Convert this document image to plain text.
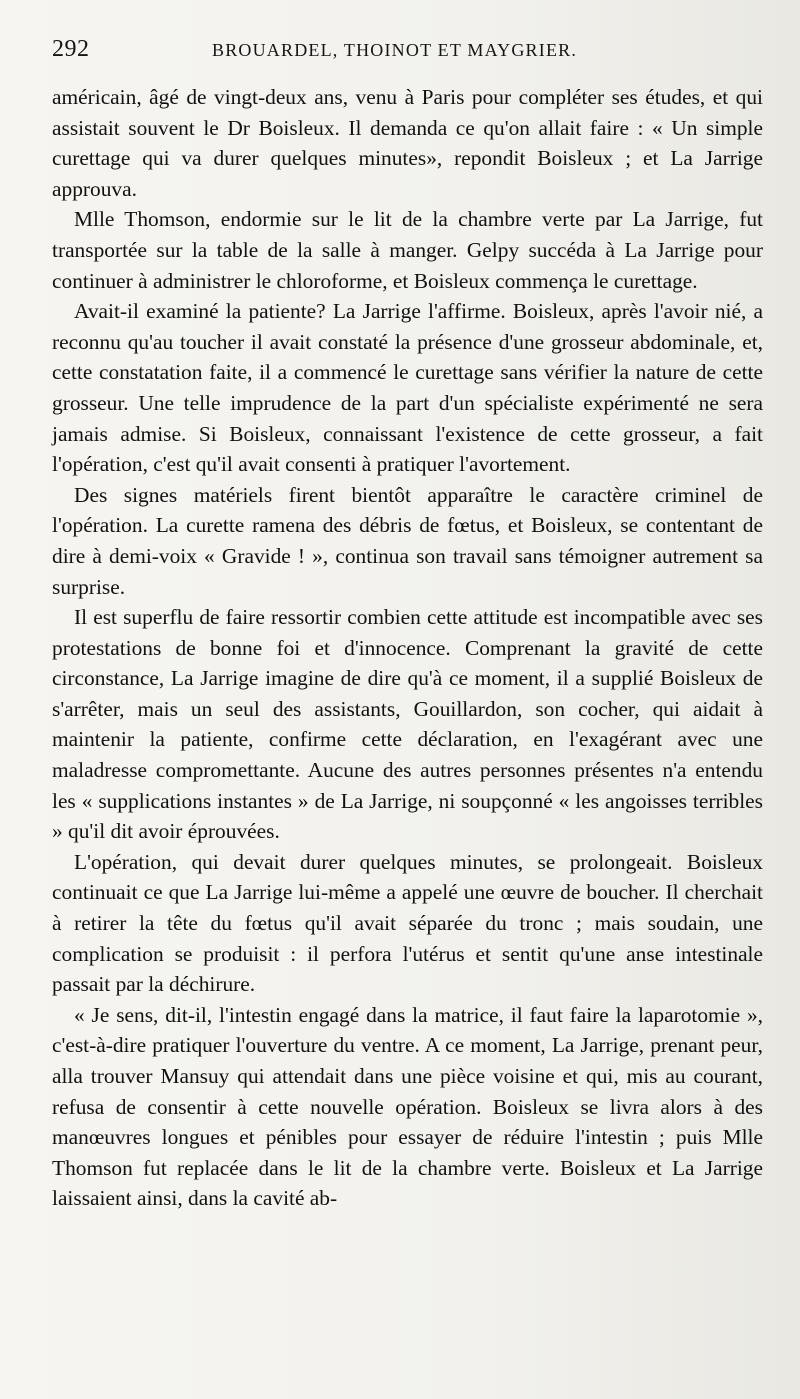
292	BROUARDEL, THOINOT ET MAYGRIER.

américain, âgé de vingt-deux ans, venu à Paris pour compléter ses études, et qui assistait souvent le Dr Boisleux. Il demanda ce qu'on allait faire : « Un simple curettage qui va durer quelques minutes», repondit Boisleux ; et La Jarrige approuva.

Mlle Thomson, endormie sur le lit de la chambre verte par La Jarrige, fut transportée sur la table de la salle à manger. Gelpy succéda à La Jarrige pour continuer à administrer le chloroforme, et Boisleux commença le curettage.

Avait-il examiné la patiente? La Jarrige l'affirme. Boisleux, après l'avoir nié, a reconnu qu'au toucher il avait constaté la présence d'une grosseur abdominale, et, cette constatation faite, il a commencé le curettage sans vérifier la nature de cette grosseur. Une telle imprudence de la part d'un spécialiste expérimenté ne sera jamais admise. Si Boisleux, connaissant l'existence de cette grosseur, a fait l'opération, c'est qu'il avait consenti à pratiquer l'avortement.

Des signes matériels firent bientôt apparaître le caractère criminel de l'opération. La curette ramena des débris de fœtus, et Boisleux, se contentant de dire à demi-voix « Gravide ! », continua son travail sans témoigner autrement sa surprise.

Il est superflu de faire ressortir combien cette attitude est incompatible avec ses protestations de bonne foi et d'innocence. Comprenant la gravité de cette circonstance, La Jarrige imagine de dire qu'à ce moment, il a supplié Boisleux de s'arrêter, mais un seul des assistants, Gouillardon, son cocher, qui aidait à maintenir la patiente, confirme cette déclaration, en l'exagérant avec une maladresse compromettante. Aucune des autres personnes présentes n'a entendu les « supplications instantes » de La Jarrige, ni soupçonné « les angoisses terribles » qu'il dit avoir éprouvées.

L'opération, qui devait durer quelques minutes, se prolongeait. Boisleux continuait ce que La Jarrige lui-même a appelé une œuvre de boucher. Il cherchait à retirer la tête du fœtus qu'il avait séparée du tronc ; mais soudain, une complication se produisit : il perfora l'utérus et sentit qu'une anse intestinale passait par la déchirure.

« Je sens, dit-il, l'intestin engagé dans la matrice, il faut faire la laparotomie », c'est-à-dire pratiquer l'ouverture du ventre. A ce moment, La Jarrige, prenant peur, alla trouver Mansuy qui attendait dans une pièce voisine et qui, mis au courant, refusa de consentir à cette nouvelle opération. Boisleux se livra alors à des manœuvres longues et pénibles pour essayer de réduire l'intestin ; puis Mlle Thomson fut replacée dans le lit de la chambre verte. Boisleux et La Jarrige laissaient ainsi, dans la cavité ab-
